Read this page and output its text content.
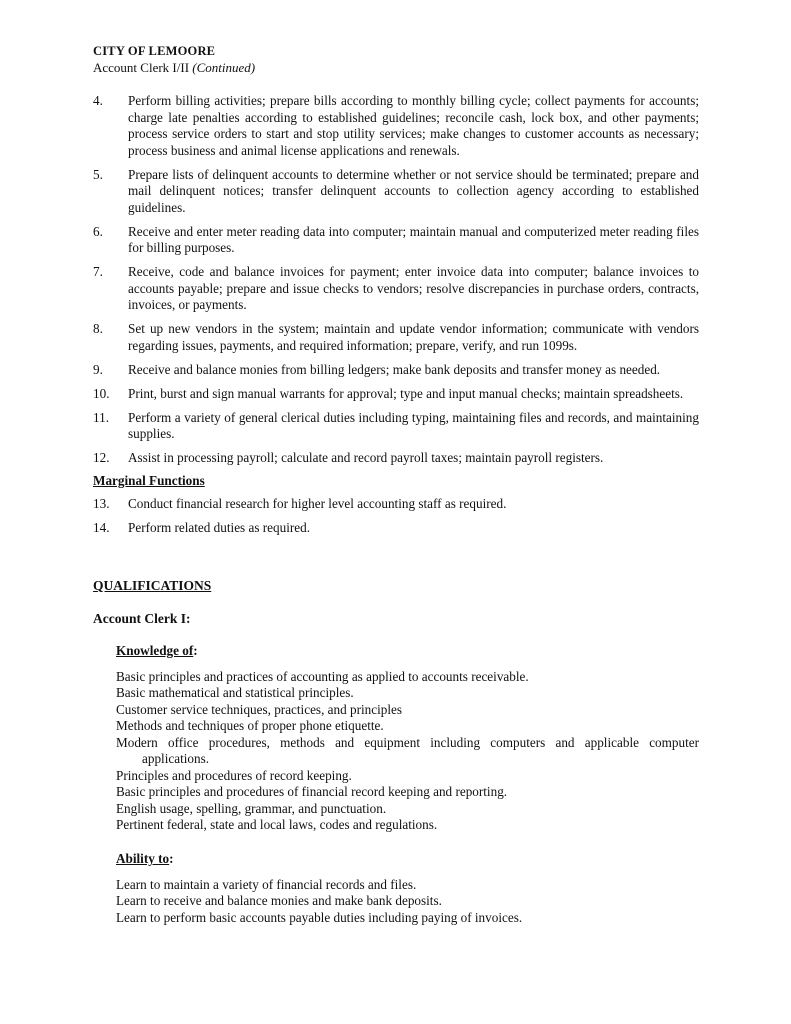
CITY OF LEMOORE
Account Clerk I/II (Continued)
4.	Perform billing activities; prepare bills according to monthly billing cycle; collect payments for accounts; charge late penalties according to established guidelines; reconcile cash, lock box, and other payments; process service orders to start and stop utility services; make changes to customer accounts as necessary; process business and animal license applications and renewals.
5.	Prepare lists of delinquent accounts to determine whether or not service should be terminated; prepare and mail delinquent notices; transfer delinquent accounts to collection agency according to established guidelines.
6.	Receive and enter meter reading data into computer; maintain manual and computerized meter reading files for billing purposes.
7.	Receive, code and balance invoices for payment; enter invoice data into computer; balance invoices to accounts payable; prepare and issue checks to vendors; resolve discrepancies in purchase orders, contracts, invoices, or payments.
8.	Set up new vendors in the system; maintain and update vendor information; communicate with vendors regarding issues, payments, and required information; prepare, verify, and run 1099s.
9.	Receive and balance monies from billing ledgers; make bank deposits and transfer money as needed.
10.	Print, burst and sign manual warrants for approval; type and input manual checks; maintain spreadsheets.
11.	Perform a variety of general clerical duties including typing, maintaining files and records, and maintaining supplies.
12.	Assist in processing payroll; calculate and record payroll taxes; maintain payroll registers.
Marginal Functions
13.	Conduct financial research for higher level accounting staff as required.
14.	Perform related duties as required.
QUALIFICATIONS
Account Clerk I:
Knowledge of:
Basic principles and practices of accounting as applied to accounts receivable.
Basic mathematical and statistical principles.
Customer service techniques, practices, and principles
Methods and techniques of proper phone etiquette.
Modern office procedures, methods and equipment including computers and applicable computer
applications.
Principles and procedures of record keeping.
Basic principles and procedures of financial record keeping and reporting.
English usage, spelling, grammar, and punctuation.
Pertinent federal, state and local laws, codes and regulations.
Ability to:
Learn to maintain a variety of financial records and files.
Learn to receive and balance monies and make bank deposits.
Learn to perform basic accounts payable duties including paying of invoices.
